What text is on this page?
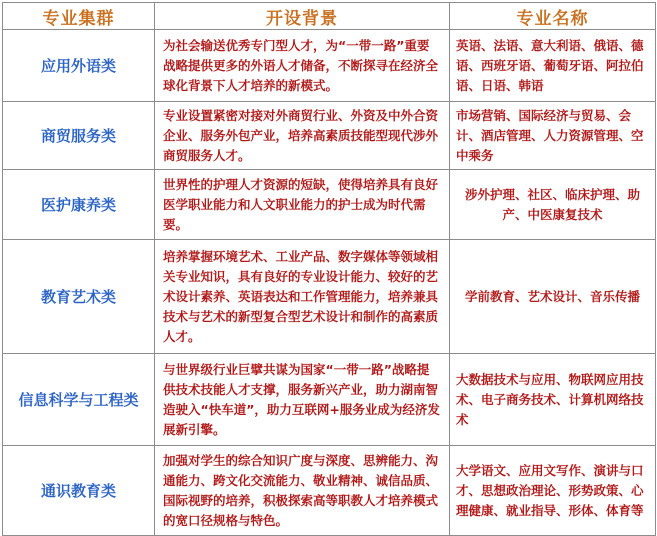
专业集群	开设背景	专业名称
应用外语类	为社会输送优秀专门型人才，为“一带一路”重要战略提供更多的外语人才储备，不断探寻在经济全球化背景下人才培养的新模式。	英语、法语、意大利语、俄语、德语、西班牙语、葡萄牙语、阿拉伯语、日语、韩语
商贸服务类	专业设置紧密对接对外商贸行业、外资及中外合资企业、服务外包产业，培养高素质技能型现代涉外商贸服务人才。	市场营销、国际经济与贸易、会计、酒店管理、人力资源管理、空中乘务
医护康养类	世界性的护理人才资源的短缺，使得培养具有良好医学职业能力和人文职业能力的护士成为时代需要。	涉外护理、社区、临床护理、助产、中医康复技术
教育艺术类	培养掌握环境艺术、工业产品、数字媒体等领域相关专业知识，具有良好的专业设计能力、较好的艺术设计素养、英语表达和工作管理能力，培养兼具技术与艺术的新型复合型艺术设计和制作的高素质人才。	学前教育、艺术设计、音乐传播
信息科学与工程类	与世界级行业巨擘共谋为国家“一带一路”战略提供技术技能人才支撑，服务新兴产业，助力湖南智造驶入“快车道”，助力互联网+服务业成为经济发展新引擎。	大数据技术与应用、物联网应用技术、电子商务技术、计算机网络技术
通识教育类	加强对学生的综合知识广度与深度、思辨能力、沟通能力、跨文化交流能力、敬业精神、诚信品质、国际视野的培养，积极探索高等职教人才培养模式的宽口径规格与特色。	大学语文、应用文写作、演讲与口才、思想政治理论、形势政策、心理健康、就业指导、形体、体育等
